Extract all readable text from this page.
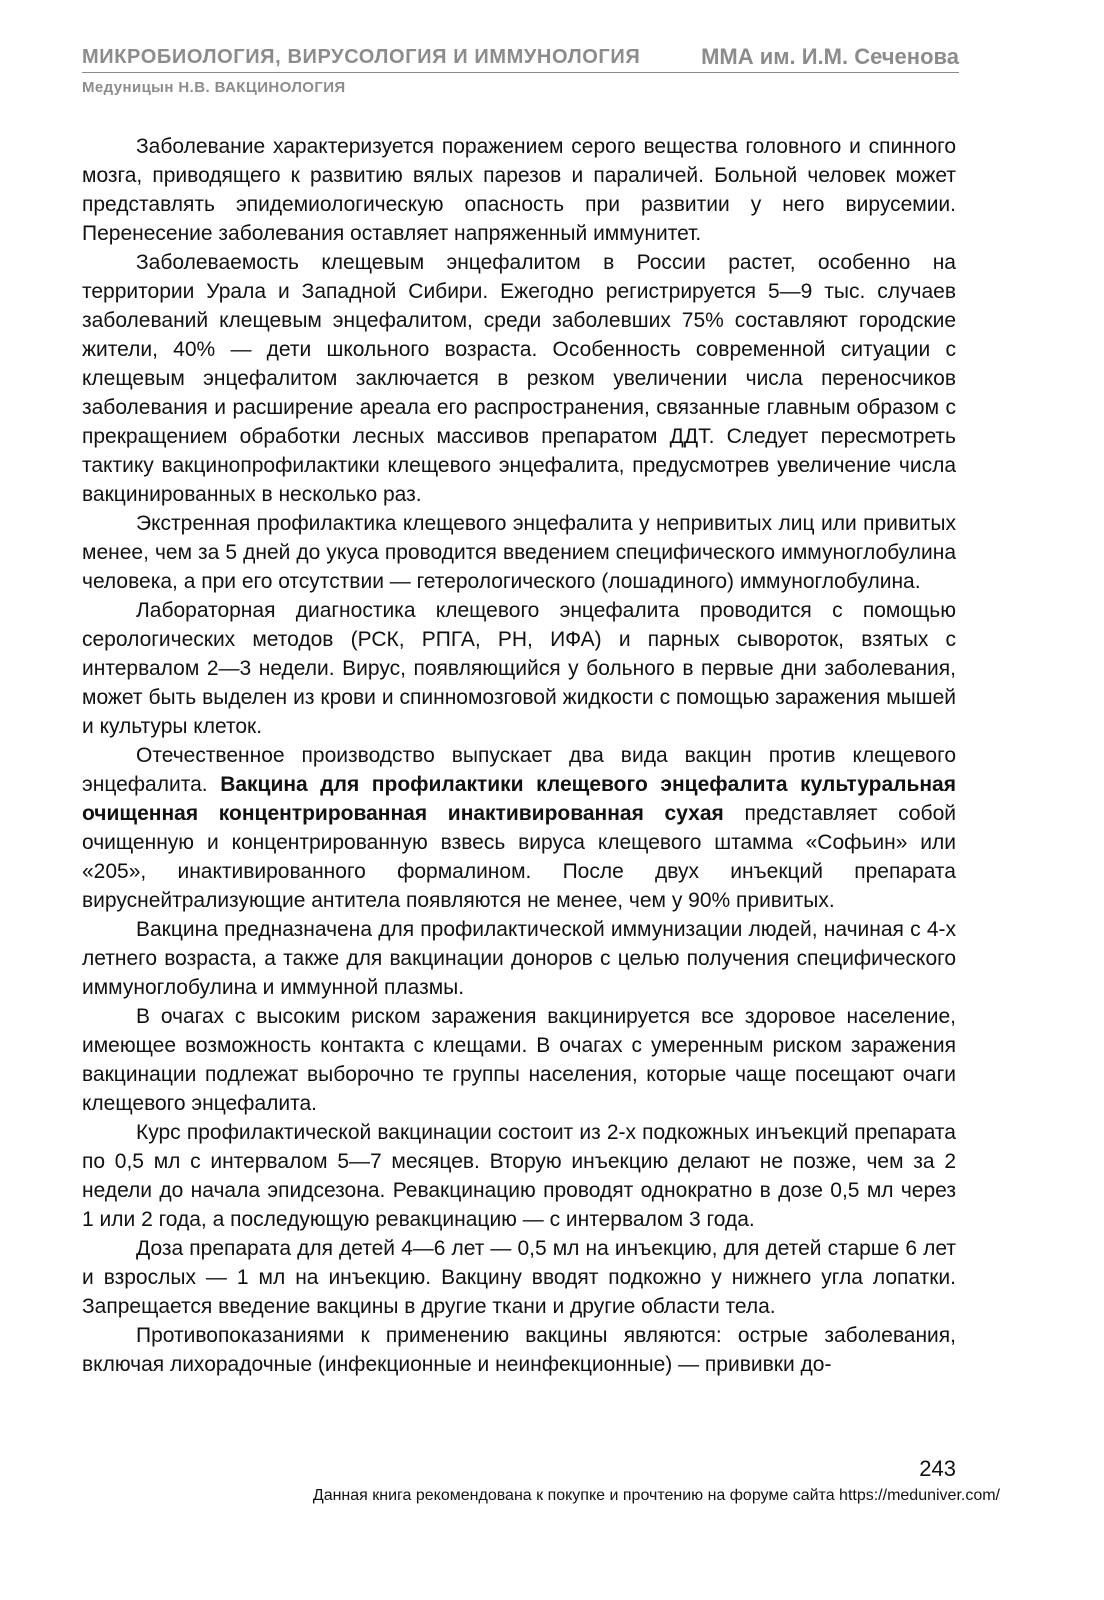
МИКРОБИОЛОГИЯ, ВИРУСОЛОГИЯ И ИММУНОЛОГИЯ	ММА им. И.М. Сеченова
Медуницын Н.В. ВАКЦИНОЛОГИЯ

Заболевание характеризуется поражением серого вещества головного и спинного мозга, приводящего к развитию вялых парезов и параличей. Больной человек может представлять эпидемиологическую опасность при развитии у него вирусемии. Перенесение заболевания оставляет напряженный иммунитет.

Заболеваемость клещевым энцефалитом в России растет, особенно на территории Урала и Западной Сибири. Ежегодно регистрируется 5—9 тыс. случаев заболеваний клещевым энцефалитом, среди заболевших 75% составляют городские жители, 40% — дети школьного возраста. Особенность современной ситуации с клещевым энцефалитом заключается в резком увеличении числа переносчиков заболевания и расширение ареала его распространения, связанные главным образом с прекращением обработки лесных массивов препаратом ДДТ. Следует пересмотреть тактику вакцинопрофилактики клещевого энцефалита, предусмотрев увеличение числа вакцинированных в несколько раз.

Экстренная профилактика клещевого энцефалита у непривитых лиц или привитых менее, чем за 5 дней до укуса проводится введением специфического иммуноглобулина человека, а при его отсутствии — гетерологического (лошадиного) иммуноглобулина.

Лабораторная диагностика клещевого энцефалита проводится с помощью серологических методов (РСК, РПГА, РН, ИФА) и парных сывороток, взятых с интервалом 2—3 недели. Вирус, появляющийся у больного в первые дни заболевания, может быть выделен из крови и спинномозговой жидкости с помощью заражения мышей и культуры клеток.

Отечественное производство выпускает два вида вакцин против клещевого энцефалита. Вакцина для профилактики клещевого энцефалита культуральная очищенная концентрированная инактивированная сухая представляет собой очищенную и концентрированную взвесь вируса клещевого штамма «Софьин» или «205», инактивированного формалином. После двух инъекций препарата вируснейтрализующие антитела появляются не менее, чем у 90% привитых.

Вакцина предназначена для профилактической иммунизации людей, начиная с 4-х летнего возраста, а также для вакцинации доноров с целью получения специфического иммуноглобулина и иммунной плазмы.

В очагах с высоким риском заражения вакцинируется все здоровое население, имеющее возможность контакта с клещами. В очагах с умеренным риском заражения вакцинации подлежат выборочно те группы населения, которые чаще посещают очаги клещевого энцефалита.

Курс профилактической вакцинации состоит из 2-х подкожных инъекций препарата по 0,5 мл с интервалом 5—7 месяцев. Вторую инъекцию делают не позже, чем за 2 недели до начала эпидсезона. Ревакцинацию проводят однократно в дозе 0,5 мл через 1 или 2 года, а последующую ревакцинацию — с интервалом 3 года.

Доза препарата для детей 4—6 лет — 0,5 мл на инъекцию, для детей старше 6 лет и взрослых — 1 мл на инъекцию. Вакцину вводят подкожно у нижнего угла лопатки. Запрещается введение вакцины в другие ткани и другие области тела.

Противопоказаниями к применению вакцины являются: острые заболевания, включая лихорадочные (инфекционные и неинфекционные) — прививки до-

243
Данная книга рекомендована к покупке и прочтению на форуме сайта https://meduniver.com/
